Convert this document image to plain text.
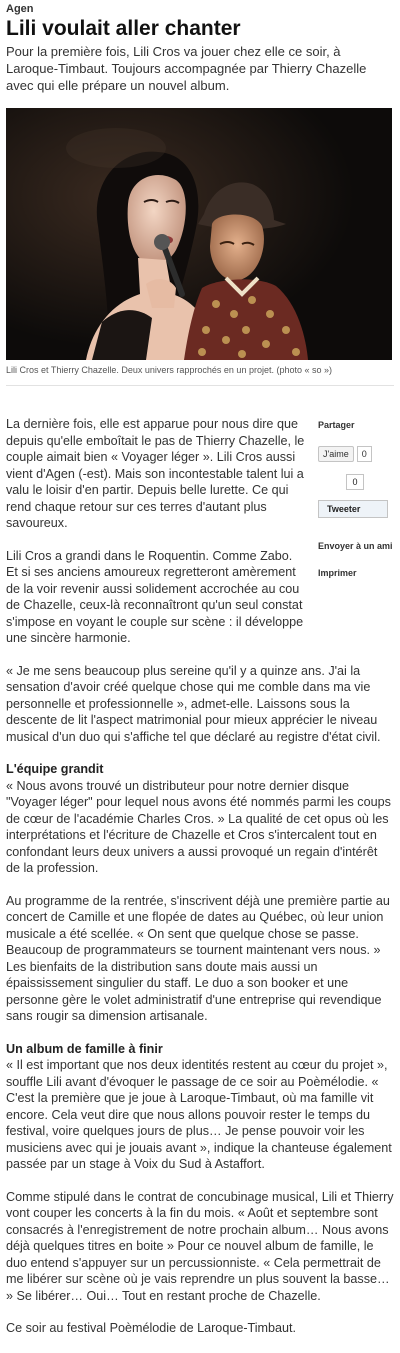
Agen
Lili voulait aller chanter

Pour la première fois, Lili Cros va jouer chez elle ce soir, à Laroque-Timbaut. Toujours accompagnée par Thierry Chazelle avec qui elle prépare un nouvel album.

Lili Cros et Thierry Chazelle. Deux univers rapprochés en un projet. (photo « so »)
Partager
J'aime	0
0
Tweeter
Envoyer à un ami
Imprimer

La dernière fois, elle est apparue pour nous dire que depuis qu'elle emboîtait le pas de Thierry Chazelle, le couple aimait bien « Voyager léger ». Lili Cros aussi vient d'Agen (-est). Mais son incontestable talent lui a valu le loisir d'en partir. Depuis belle lurette. Ce qui rend chaque retour sur ces terres d'autant plus savoureux.

Lili Cros a grandi dans le Roquentin. Comme Zabo. Et si ses anciens amoureux regretteront amèrement de la voir revenir aussi solidement accrochée au cou de Chazelle, ceux-là reconnaîtront qu'un seul constat s'impose en voyant le couple sur scène : il développe une sincère harmonie.

« Je me sens beaucoup plus sereine qu'il y a quinze ans. J'ai la sensation d'avoir créé quelque chose qui me comble dans ma vie personnelle et professionnelle », admet-elle. Laissons sous la descente de lit l'aspect matrimonial pour mieux apprécier le niveau musical d'un duo qui s'affiche tel que déclaré au registre d'état civil.

L'équipe grandit

« Nous avons trouvé un distributeur pour notre dernier disque "Voyager léger" pour lequel nous avons été nommés parmi les coups de cœur de l'académie Charles Cros. » La qualité de cet opus où les interprétations et l'écriture de Chazelle et Cros s'intercalent tout en confondant leurs deux univers a aussi provoqué un regain d'intérêt de la profession.

Au programme de la rentrée, s'inscrivent déjà une première partie au concert de Camille et une flopée de dates au Québec, où leur union musicale a été scellée. « On sent que quelque chose se passe. Beaucoup de programmateurs se tournent maintenant vers nous. » Les bienfaits de la distribution sans doute mais aussi un épaississement singulier du staff. Le duo a son booker et une personne gère le volet administratif d'une entreprise qui revendique sans rougir sa dimension artisanale.

Un album de famille à finir

« Il est important que nos deux identités restent au cœur du projet », souffle Lili avant d'évoquer le passage de ce soir au Poèmélodie. « C'est la première que je joue à Laroque-Timbaut, où ma famille vit encore. Cela veut dire que nous allons pouvoir rester le temps du festival, voire quelques jours de plus… Je pense pouvoir voir les musiciens avec qui je jouais avant », indique la chanteuse également passée par un stage à Voix du Sud à Astaffort.

Comme stipulé dans le contrat de concubinage musical, Lili et Thierry vont couper les concerts à la fin du mois. « Août et septembre sont consacrés à l'enregistrement de notre prochain album… Nous avons déjà quelques titres en boite » Pour ce nouvel album de famille, le duo entend s'appuyer sur un percussionniste. « Cela permettrait de me libérer sur scène où je vais reprendre un plus souvent la basse… » Se libérer… Oui… Tout en restant proche de Chazelle.

Ce soir au festival Poèmélodie de Laroque-Timbaut.
